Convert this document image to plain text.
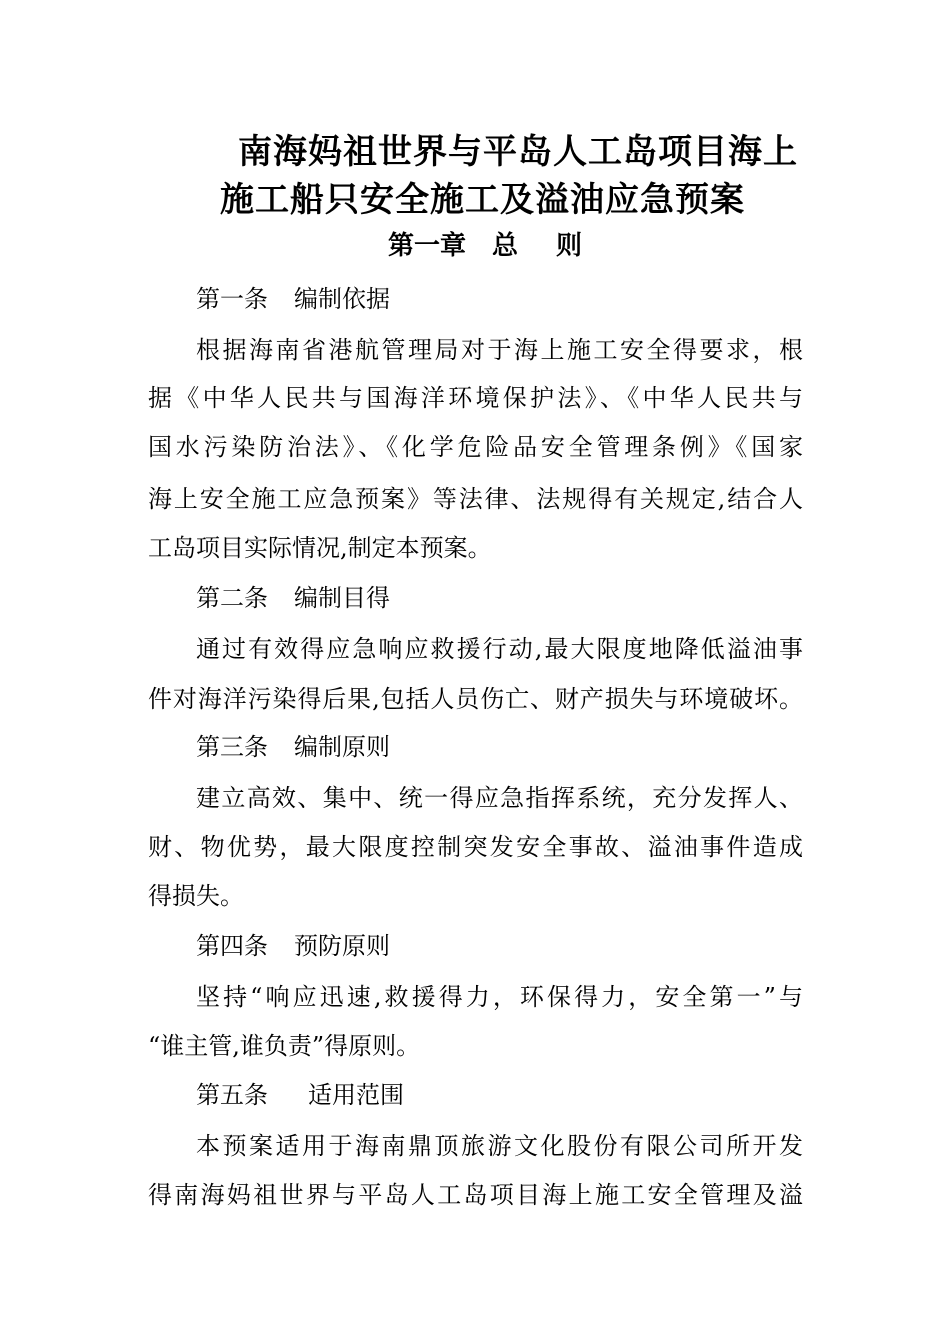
南海妈祖世界与平岛人工岛项目海上
施工船只安全施工及溢油应急预案
第一章 总 则
第一条 编制依据
根据海南省港航管理局对于海上施工安全得要求，根
据《中华人民共与国海洋环境保护法》、《中华人民共与
国水污染防治法》、《化学危险品安全管理条例》《国家
海上安全施工应急预案》等法律、法规得有关规定,结合人
工岛项目实际情况,制定本预案。
第二条 编制目得
通过有效得应急响应救援行动,最大限度地降低溢油事
件对海洋污染得后果,包括人员伤亡、财产损失与环境破坏。
第三条 编制原则
建立高效、集中、统一得应急指挥系统，充分发挥人、
财、物优势，最大限度控制突发安全事故、溢油事件造成
得损失。
第四条 预防原则
坚持“响应迅速,救援得力，环保得力，安全第一”与
“谁主管,谁负责”得原则。
第五条 适用范围
本预案适用于海南鼎顶旅游文化股份有限公司所开发
得南海妈祖世界与平岛人工岛项目海上施工安全管理及溢
